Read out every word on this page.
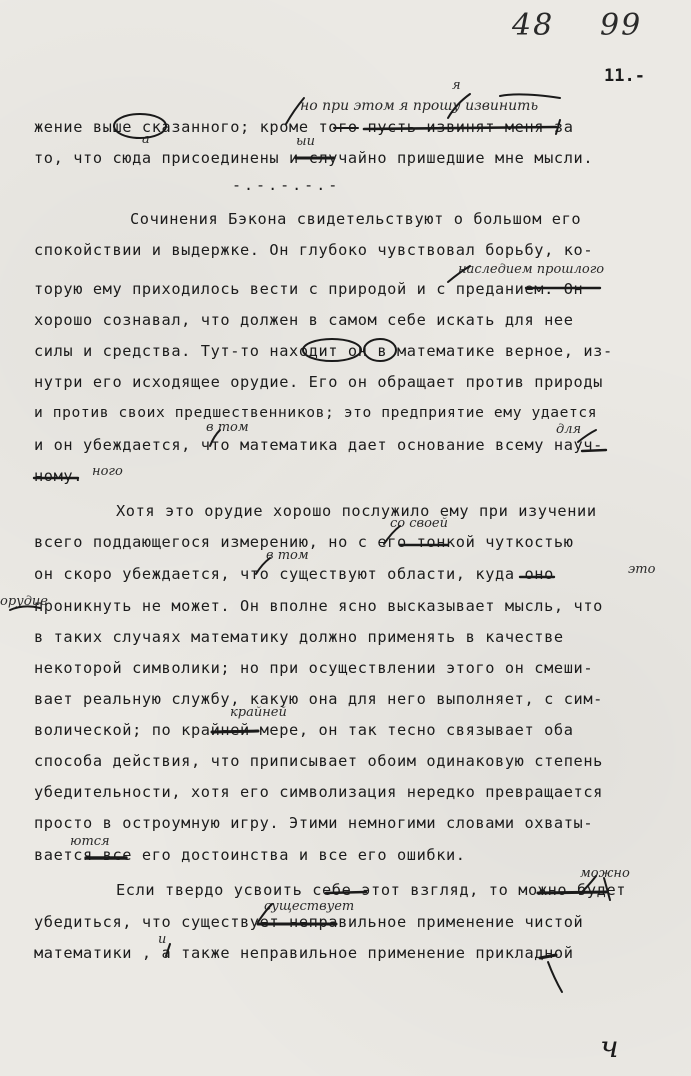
48 99
11.-
жение выше сказанного; кроме того пусть извинят меня за
то, что сюда присоединены и случайно пришедшие мне мысли.
-.-.-.-.-
Сочинения Бэкона свидетельствуют о большом его
спокойствии и выдержке. Он глубоко чувствовал борьбу, ко-
торую ему приходилось вести с природой и с преданием. Он
хорошо сознавал, что должен в самом себе искать для нее
силы и средства. Тут-то находит он в математике верное, из-
нутри его исходящее орудие. Его он обращает против природы
и против своих предшественников; это предприятие ему удается
и он убеждается, что математика дает основание всему науч-
ному.
Хотя это орудие хорошо послужило ему при изучении
всего поддающегося измерению, но с его тонкой чуткостью
он скоро убеждается, что существуют области, куда оно
проникнуть не может. Он вполне ясно высказывает мысль, что
в таких случаях математику должно применять в качестве
некоторой символики; но при осуществлении этого он смеши-
вает реальную службу, какую она для него выполняет, с сим-
волической; по крайней мере, он так тесно связывает оба
способа действия, что приписывает обоим одинаковую степень
убедительности, хотя его символизация нередко превращается
просто в остроумную игру. Этими немногими словами охваты-
вается все его достоинства и все его ошибки.
Если твердо усвоить себе этот взгляд, то можно будет
убедиться, что существует неправильное применение чистой
математики , а также неправильное применение прикладной
но при этом я прошу извинить
я
а	ыи
наследием прошлого
в том	для
ного
со своей
в том
это
орудие
крайней
ются
можно
существует
и
ч
